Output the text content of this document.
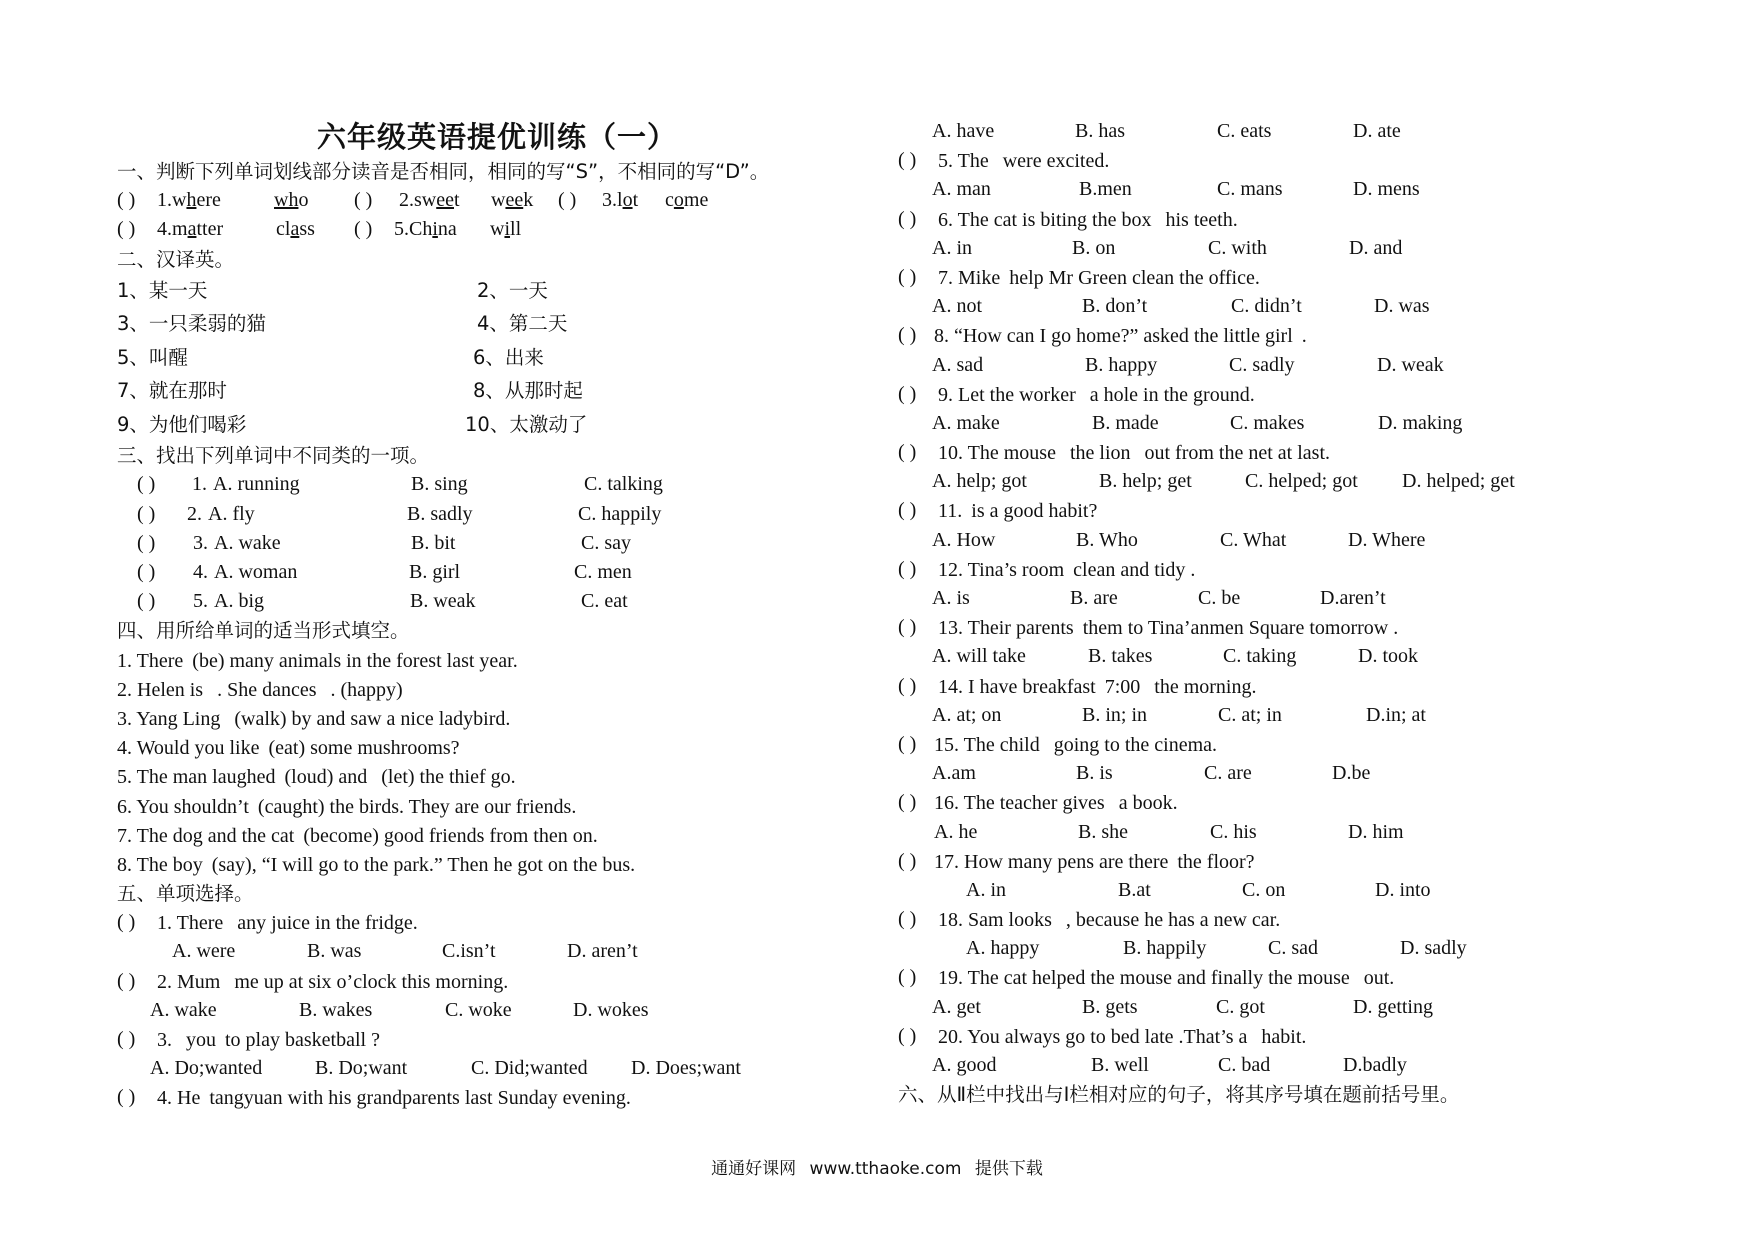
六年级英语提优训练（一）
一、判断下列单词划线部分读音是否相同，相同的写“S”，不相同的写“D”。
( ) 1.where	who ( ) 2.sweet week ( ) 3.lot come
( ) 4.matter	class ( ) 5.China will
二、汉译英。
1、某一天	2、一天
3、一只柔弱的猫	4、第二天
5、叫醒	6、出来
7、就在那时	8、从那时起
9、为他们喝彩	10、太激动了
三、找出下列单词中不同类的一项。
( ) 1. A. running	B. sing	C. talking
( ) 2. A. fly	B. sadly	C. happily
( ) 3. A. wake	B. bit	C. say
( ) 4. A. woman	B. girl	C. men
( ) 5. A. big	B. weak	C. eat
四、用所给单词的适当形式填空。
1. There
(be) many animals in the forest last year.
2. Helen is
. She dances
. (happy)
3. Yang Ling
(walk) by and saw a nice ladybird.
4. Would you like
(eat) some mushrooms?
5. The man laughed
(loud) and
(let) the thief go.
6. You shouldn’t
(caught) the birds. They are our friends.
7. The dog and the cat
(become) good friends from then on.
8. The boy
(say), “I will go to the park.” Then he got on the bus.
五、单项选择。
( ) 1. There
any juice in the fridge.
A. were	B. was	C.isn’t	D. aren’t
( ) 2. Mum
me up at six o’clock this morning.
A. wake	B. wakes	C. woke	D. wokes
( ) 3.
you
to play basketball ?
A. Do;wanted	B. Do;want	C. Did;wanted D. Does;want
( ) 4. He
tangyuan with his grandparents last Sunday evening.
A. have	B. has	C. eats	D. ate
( ) 5. The
were excited.
A. man	B.men	C. mans	D. mens
( ) 6. The cat is biting the box
his teeth.
A. in	B. on	C. with	D. and
( ) 7. Mike
help Mr Green clean the office.
A. not	B. don’t	C. didn’t	D. was
( ) 8. “How can I go home?” asked the little girl
.
A. sad	B. happy	C. sadly	D. weak
( ) 9. Let the worker
a hole in the ground.
A. make	B. made	C. makes	D. making
( ) 10. The mouse
the lion
out from the net at last.
A. help; got	B. help; get	C. helped; got D. helped; get
( ) 11.
is a good habit?
A. How	B. Who	C. What	D. Where
( ) 12. Tina’s room
clean and tidy .
A. is	B. are	C. be	D.aren’t
( ) 13. Their parents
them to Tina’anmen Square tomorrow .
A. will take	B. takes	C. taking	D. took
( ) 14. I have breakfast
7:00
the morning.
A. at; on	B. in; in	C. at; in	D.in; at
( ) 15. The child
going to the cinema.
A.am	B. is	C. are	D.be
( ) 16. The teacher gives
a book.
A. he	B. she	C. his	D. him
( ) 17. How many pens are there
the floor?
A. in	B.at	C. on	D. into
( ) 18. Sam looks
, because he has a new car.
A. happy	B. happily	C. sad	D. sadly
( ) 19. The cat helped the mouse and finally the mouse
out.
A. get	B. gets	C. got	D. getting
( ) 20. You always go to bed late .That’s a
habit.
A. good	B. well	C. bad	D.badly
六、从Ⅱ栏中找出与Ⅰ栏相对应的句子，将其序号填在题前括号里。
通通好课网 www.tthaoke.com 提供下载
